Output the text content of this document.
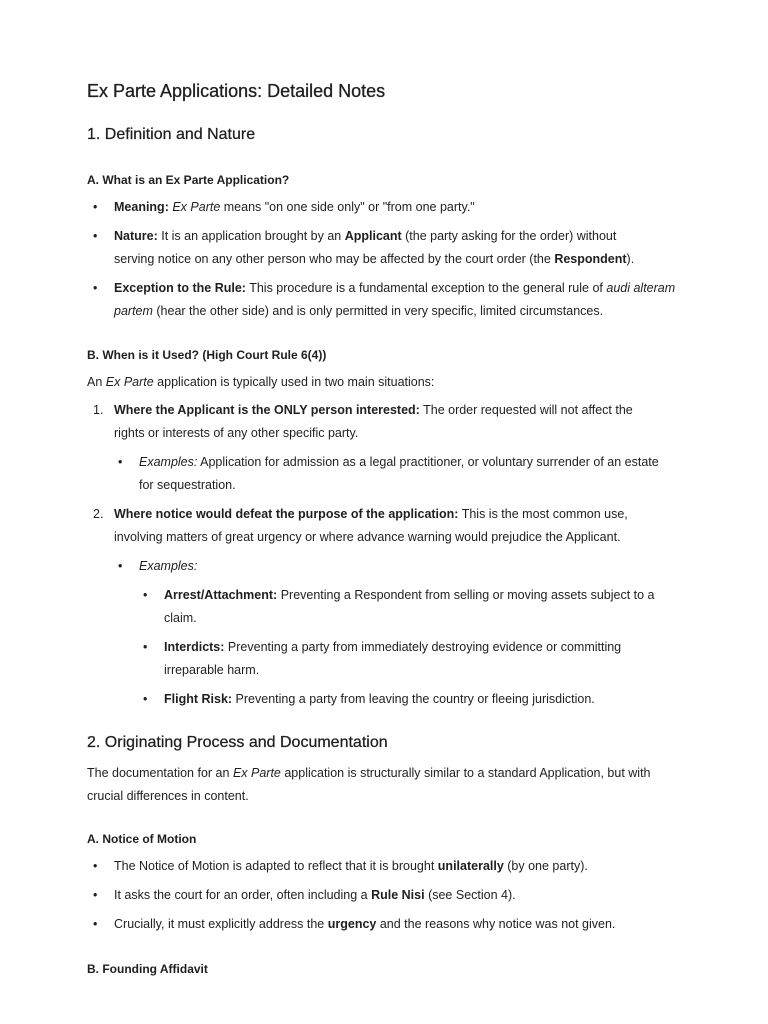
Ex Parte Applications: Detailed Notes
1. Definition and Nature
A. What is an Ex Parte Application?
• Meaning: Ex Parte means "on one side only" or "from one party."
• Nature: It is an application brought by an Applicant (the party asking for the order) without serving notice on any other person who may be affected by the court order (the Respondent).
• Exception to the Rule: This procedure is a fundamental exception to the general rule of audi alteram partem (hear the other side) and is only permitted in very specific, limited circumstances.
B. When is it Used? (High Court Rule 6(4))

An Ex Parte application is typically used in two main situations:

1. Where the Applicant is the ONLY person interested: The order requested will not affect the rights or interests of any other specific party.
• Examples: Application for admission as a legal practitioner, or voluntary surrender of an estate for sequestration.
2. Where notice would defeat the purpose of the application: This is the most common use, involving matters of great urgency or where advance warning would prejudice the Applicant.
• Examples:
• Arrest/Attachment: Preventing a Respondent from selling or moving assets subject to a claim.
• Interdicts: Preventing a party from immediately destroying evidence or committing irreparable harm.
• Flight Risk: Preventing a party from leaving the country or fleeing jurisdiction.
2. Originating Process and Documentation

The documentation for an Ex Parte application is structurally similar to a standard Application, but with crucial differences in content.

A. Notice of Motion
• The Notice of Motion is adapted to reflect that it is brought unilaterally (by one party).
• It asks the court for an order, often including a Rule Nisi (see Section 4).
• Crucially, it must explicitly address the urgency and the reasons why notice was not given.
B. Founding Affidavit
